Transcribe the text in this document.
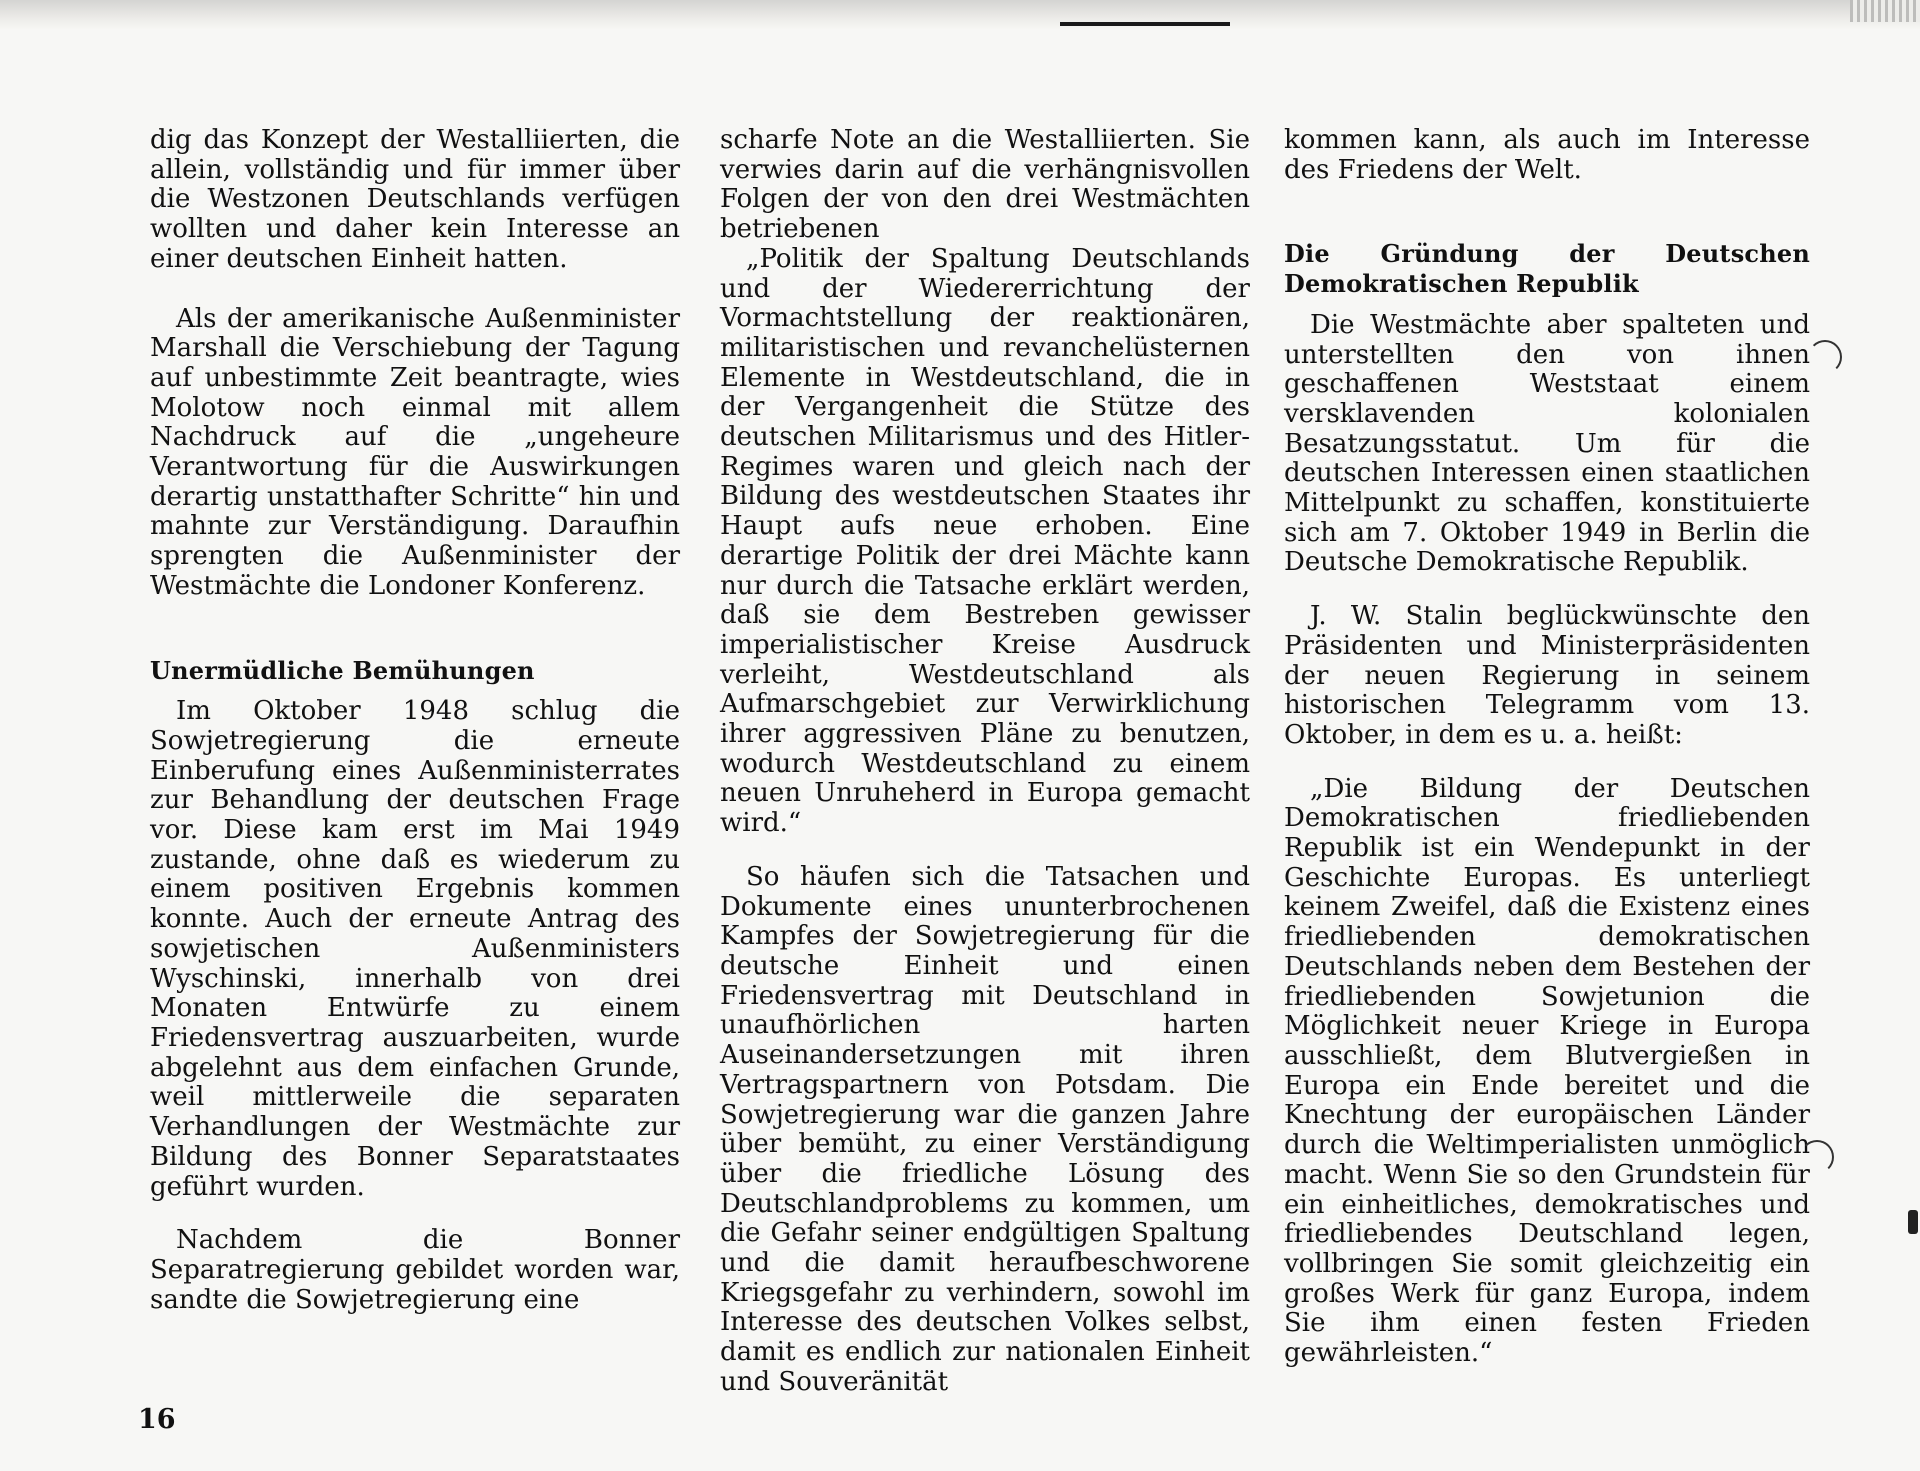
dig das Konzept der Westalliierten, die allein, vollständig und für immer über die Westzonen Deutschlands verfügen wollten und daher kein Interesse an einer deutschen Einheit hatten.

Als der amerikanische Außenminister Marshall die Verschiebung der Tagung auf unbestimmte Zeit beantragte, wies Molotow noch einmal mit allem Nachdruck auf die „ungeheure Verantwortung für die Auswirkungen derartig unstatthafter Schritte“ hin und mahnte zur Verständigung. Daraufhin sprengten die Außenminister der Westmächte die Londoner Konferenz.

Unermüdliche Bemühungen

Im Oktober 1948 schlug die Sowjetregierung die erneute Einberufung eines Außenministerrates zur Behandlung der deutschen Frage vor. Diese kam erst im Mai 1949 zustande, ohne daß es wiederum zu einem positiven Ergebnis kommen konnte. Auch der erneute Antrag des sowjetischen Außenministers Wyschinski, innerhalb von drei Monaten Entwürfe zu einem Friedensvertrag auszuarbeiten, wurde abgelehnt aus dem einfachen Grunde, weil mittlerweile die separaten Verhandlungen der Westmächte zur Bildung des Bonner Separatstaates geführt wurden.

Nachdem die Bonner Separatregierung gebildet worden war, sandte die Sowjetregierung eine

scharfe Note an die Westalliierten. Sie verwies darin auf die verhängnisvollen Folgen der von den drei Westmächten betriebenen

„Politik der Spaltung Deutschlands und der Wiedererrichtung der Vormachtstellung der reaktionären, militaristischen und revanchelüsternen Elemente in Westdeutschland, die in der Vergangenheit die Stütze des deutschen Militarismus und des Hitler-Regimes waren und gleich nach der Bildung des westdeutschen Staates ihr Haupt aufs neue erhoben. Eine derartige Politik der drei Mächte kann nur durch die Tatsache erklärt werden, daß sie dem Bestreben gewisser imperialistischer Kreise Ausdruck verleiht, Westdeutschland als Aufmarschgebiet zur Verwirklichung ihrer aggressiven Pläne zu benutzen, wodurch Westdeutschland zu einem neuen Unruheherd in Europa gemacht wird.“

So häufen sich die Tatsachen und Dokumente eines ununterbrochenen Kampfes der Sowjetregierung für die deutsche Einheit und einen Friedensvertrag mit Deutschland in unaufhörlichen harten Auseinandersetzungen mit ihren Vertragspartnern von Potsdam. Die Sowjetregierung war die ganzen Jahre über bemüht, zu einer Verständigung über die friedliche Lösung des Deutschlandproblems zu kommen, um die Gefahr seiner endgültigen Spaltung und die damit heraufbeschworene Kriegsgefahr zu verhindern, sowohl im Interesse des deutschen Volkes selbst, damit es endlich zur nationalen Einheit und Souveränität

kommen kann, als auch im Interesse des Friedens der Welt.

Die Gründung der Deutschen Demokratischen Republik

Die Westmächte aber spalteten und unterstellten den von ihnen geschaffenen Weststaat einem versklavenden kolonialen Besatzungsstatut. Um für die deutschen Interessen einen staatlichen Mittelpunkt zu schaffen, konstituierte sich am 7. Oktober 1949 in Berlin die Deutsche Demokratische Republik.

J. W. Stalin beglückwünschte den Präsidenten und Ministerpräsidenten der neuen Regierung in seinem historischen Telegramm vom 13. Oktober, in dem es u. a. heißt:

„Die Bildung der Deutschen Demokratischen friedliebenden Republik ist ein Wendepunkt in der Geschichte Europas. Es unterliegt keinem Zweifel, daß die Existenz eines friedliebenden demokratischen Deutschlands neben dem Bestehen der friedliebenden Sowjetunion die Möglichkeit neuer Kriege in Europa ausschließt, dem Blutvergießen in Europa ein Ende bereitet und die Knechtung der europäischen Länder durch die Weltimperialisten unmöglich macht. Wenn Sie so den Grundstein für ein einheitliches, demokratisches und friedliebendes Deutschland legen, vollbringen Sie somit gleichzeitig ein großes Werk für ganz Europa, indem Sie ihm einen festen Frieden gewährleisten.“

16
